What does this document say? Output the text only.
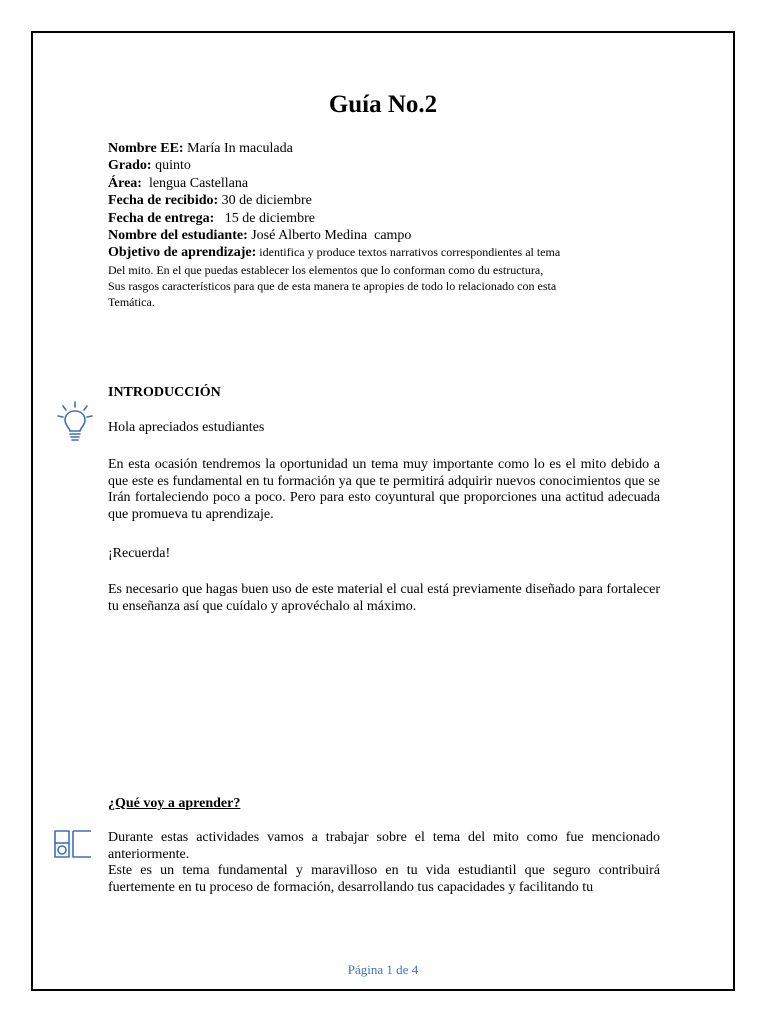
Guía No.2
Nombre EE: María In maculada
Grado: quinto
Área:  lengua Castellana
Fecha de recibido: 30 de diciembre
Fecha de entrega:   15 de diciembre
Nombre del estudiante: José Alberto Medina  campo
Objetivo de aprendizaje: identifica y produce textos narrativos correspondientes al tema
Del mito. En el que puedas establecer los elementos que lo conforman como du estructura,
Sus rasgos característicos para que de esta manera te apropies de todo lo relacionado con esta
Temática.
INTRODUCCIÓN

Hola apreciados estudiantes

En esta ocasión tendremos la oportunidad un tema muy importante como lo es el mito debido a que este es fundamental en tu formación ya que te permitirá adquirir nuevos conocimientos que se Irán fortaleciendo poco a poco. Pero para esto coyuntural que proporciones una actitud adecuada que promueva tu aprendizaje.

¡Recuerda!

Es necesario que hagas buen uso de este material el cual está previamente diseñado para fortalecer tu enseñanza así que cuídalo y aprovéchalo al máximo.

¿Qué voy a aprender?

Durante estas actividades vamos a trabajar sobre el tema del mito como fue mencionado anteriormente.

Este es un tema fundamental y maravilloso en tu vida estudiantil que seguro contribuirá fuertemente en tu proceso de formación, desarrollando tus capacidades y facilitando tu

Página 1 de 4
